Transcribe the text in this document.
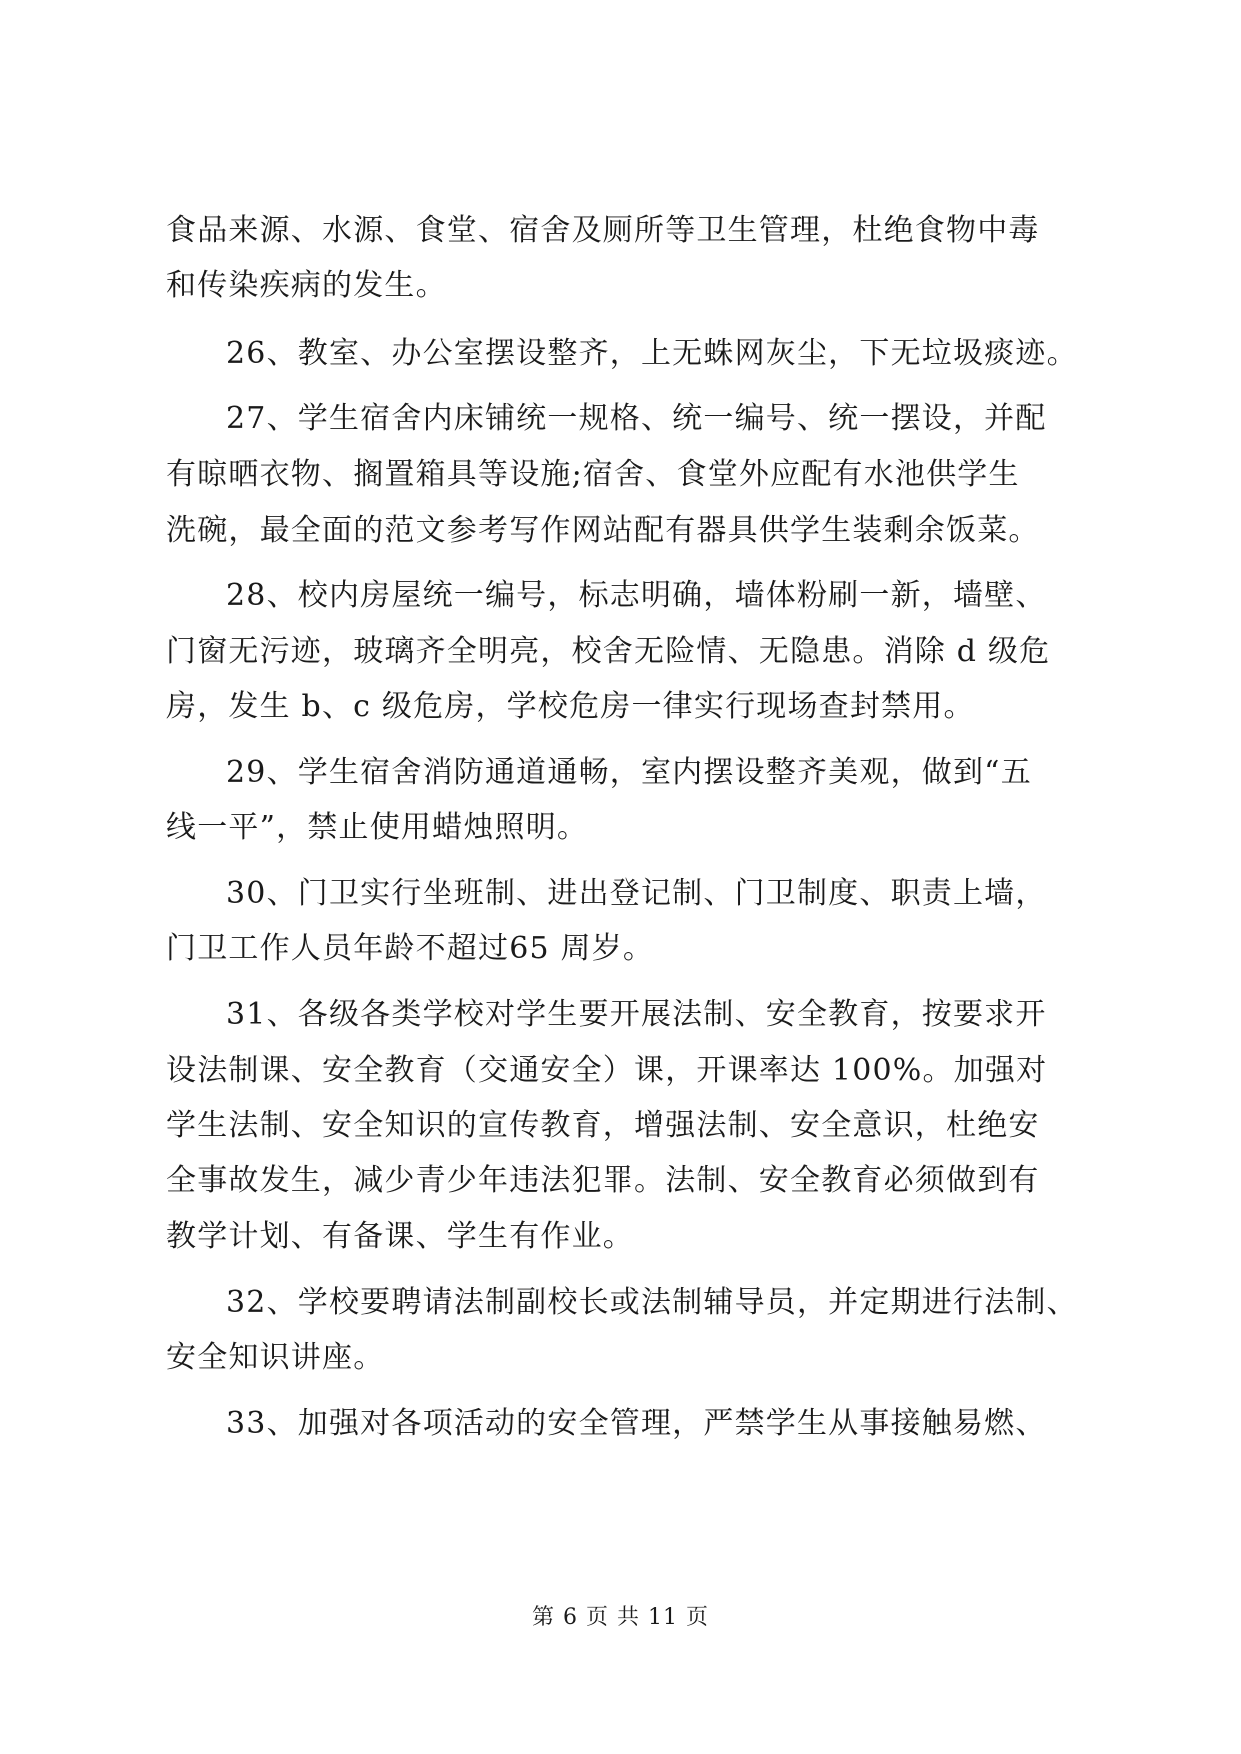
食品来源、水源、食堂、宿舍及厕所等卫生管理，杜绝食物中毒
和传染疾病的发生。
26、教室、办公室摆设整齐，上无蛛网灰尘，下无垃圾痰迹。
27、学生宿舍内床铺统一规格、统一编号、统一摆设，并配
有晾晒衣物、搁置箱具等设施;宿舍、食堂外应配有水池供学生
洗碗，最全面的范文参考写作网站配有器具供学生装剩余饭菜。
28、校内房屋统一编号，标志明确，墙体粉刷一新，墙壁、
门窗无污迹，玻璃齐全明亮，校舍无险情、无隐患。消除 d 级危
房，发生 b、c 级危房，学校危房一律实行现场查封禁用。
29、学生宿舍消防通道通畅，室内摆设整齐美观，做到“五
线一平”，禁止使用蜡烛照明。
30、门卫实行坐班制、进出登记制、门卫制度、职责上墙，
门卫工作人员年龄不超过65 周岁。
31、各级各类学校对学生要开展法制、安全教育，按要求开
设法制课、安全教育（交通安全）课，开课率达 100%。加强对
学生法制、安全知识的宣传教育，增强法制、安全意识，杜绝安
全事故发生，减少青少年违法犯罪。法制、安全教育必须做到有
教学计划、有备课、学生有作业。
32、学校要聘请法制副校长或法制辅导员，并定期进行法制、
安全知识讲座。
33、加强对各项活动的安全管理，严禁学生从事接触易燃、
第 6 页 共 11 页
